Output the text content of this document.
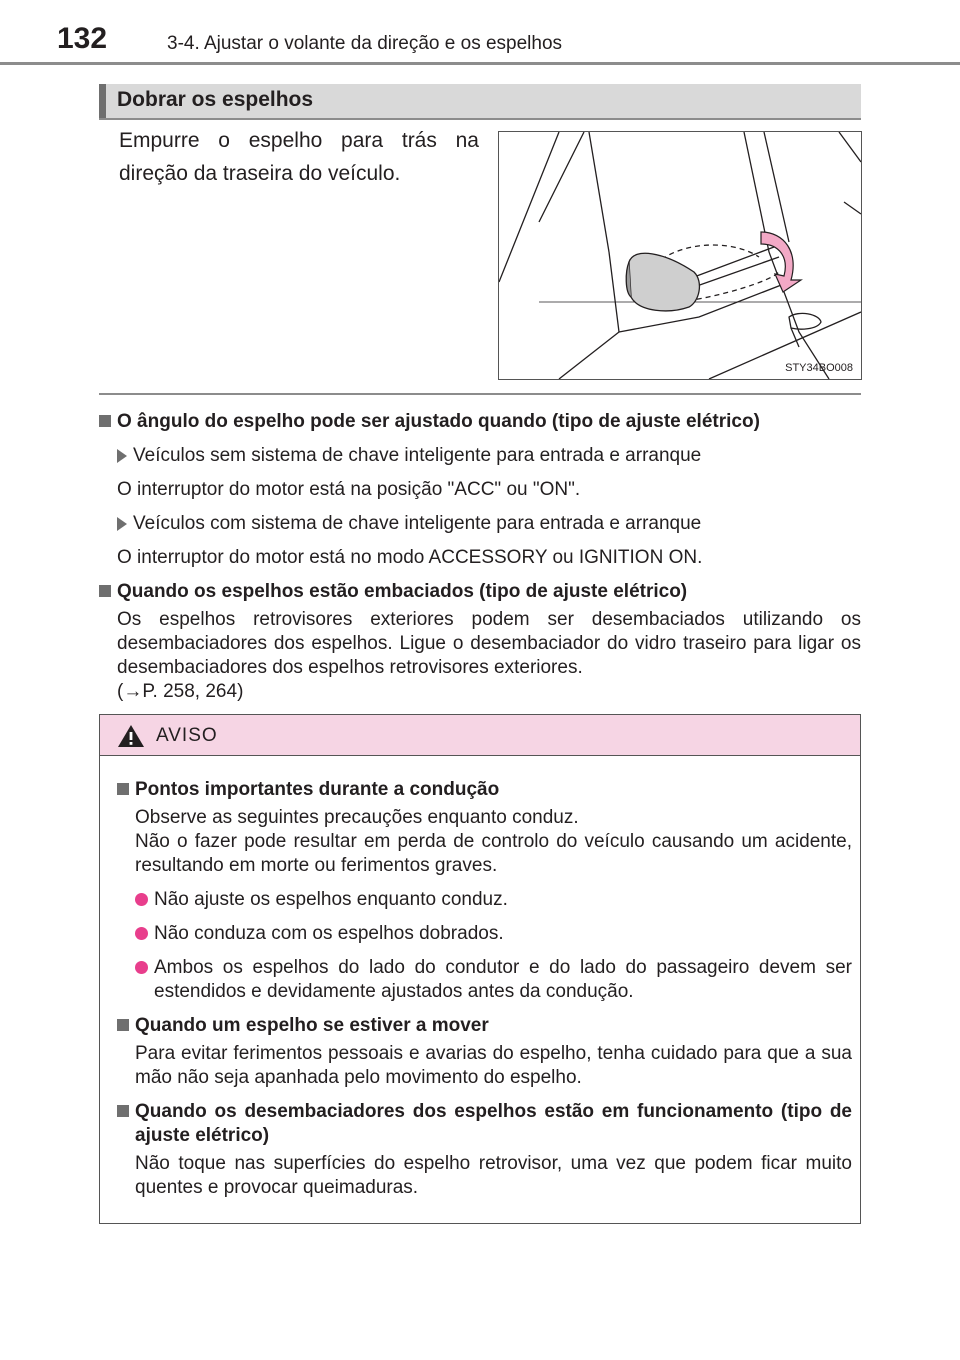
132	3-4. Ajustar o volante da direção e os espelhos
Dobrar os espelhos
Empurre o espelho para trás na direção da traseira do veículo.
STY34BO008
O ângulo do espelho pode ser ajustado quando (tipo de ajuste elétrico)
Veículos sem sistema de chave inteligente para entrada e arranque
O interruptor do motor está na posição "ACC" ou "ON".
Veículos com sistema de chave inteligente para entrada e arranque
O interruptor do motor está no modo ACCESSORY ou IGNITION ON.
Quando os espelhos estão embaciados (tipo de ajuste elétrico)
Os espelhos retrovisores exteriores podem ser desembaciados utilizando os desembaciadores dos espelhos. Ligue o desembaciador do vidro traseiro para ligar os desembaciadores dos espelhos retrovisores exteriores.
(→P. 258, 264)
AVISO
Pontos importantes durante a condução
Observe as seguintes precauções enquanto conduz.
Não o fazer pode resultar em perda de controlo do veículo causando um acidente, resultando em morte ou ferimentos graves.
Não ajuste os espelhos enquanto conduz.
Não conduza com os espelhos dobrados.
Ambos os espelhos do lado do condutor e do lado do passageiro devem ser estendidos e devidamente ajustados antes da condução.
Quando um espelho se estiver a mover
Para evitar ferimentos pessoais e avarias do espelho, tenha cuidado para que a sua mão não seja apanhada pelo movimento do espelho.
Quando os desembaciadores dos espelhos estão em funcionamento (tipo de ajuste elétrico)
Não toque nas superfícies do espelho retrovisor, uma vez que podem ficar muito quentes e provocar queimaduras.
